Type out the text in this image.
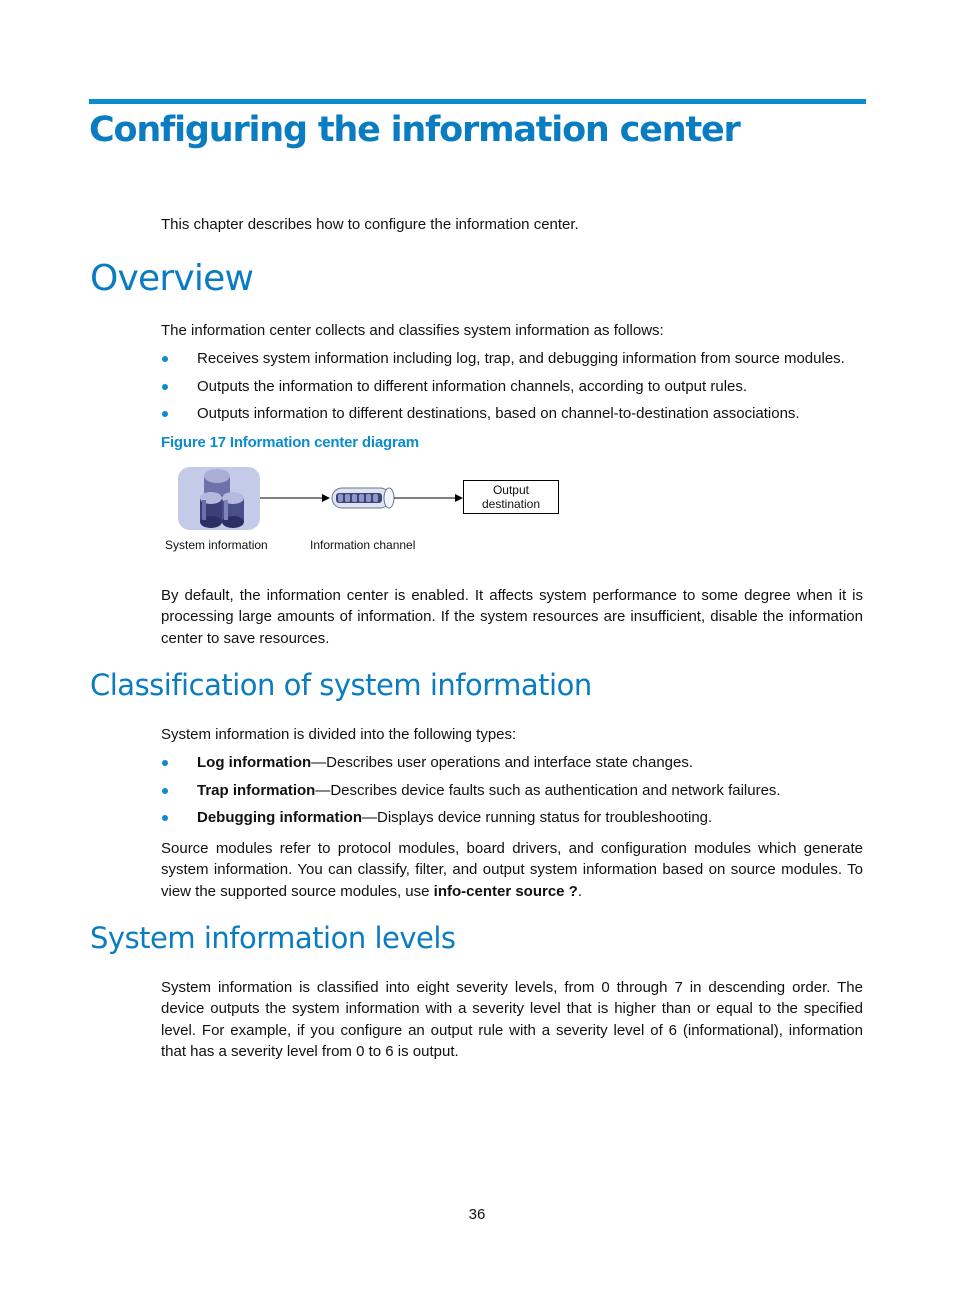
Configuring the information center

This chapter describes how to configure the information center.

Overview

The information center collects and classifies system information as follows:

Receives system information including log, trap, and debugging information from source modules.
Outputs the information to different information channels, according to output rules.
Outputs information to different destinations, based on channel-to-destination associations.

Figure 17 Information center diagram

Output
destination
System information	Information channel

By default, the information center is enabled. It affects system performance to some degree when it is processing large amounts of information. If the system resources are insufficient, disable the information center to save resources.

Classification of system information

System information is divided into the following types:

Log information—Describes user operations and interface state changes.
Trap information—Describes device faults such as authentication and network failures.
Debugging information—Displays device running status for troubleshooting.

Source modules refer to protocol modules, board drivers, and configuration modules which generate system information. You can classify, filter, and output system information based on source modules. To view the supported source modules, use info-center source ?.

System information levels

System information is classified into eight severity levels, from 0 through 7 in descending order. The device outputs the system information with a severity level that is higher than or equal to the specified level. For example, if you configure an output rule with a severity level of 6 (informational), information that has a severity level from 0 to 6 is output.

36
